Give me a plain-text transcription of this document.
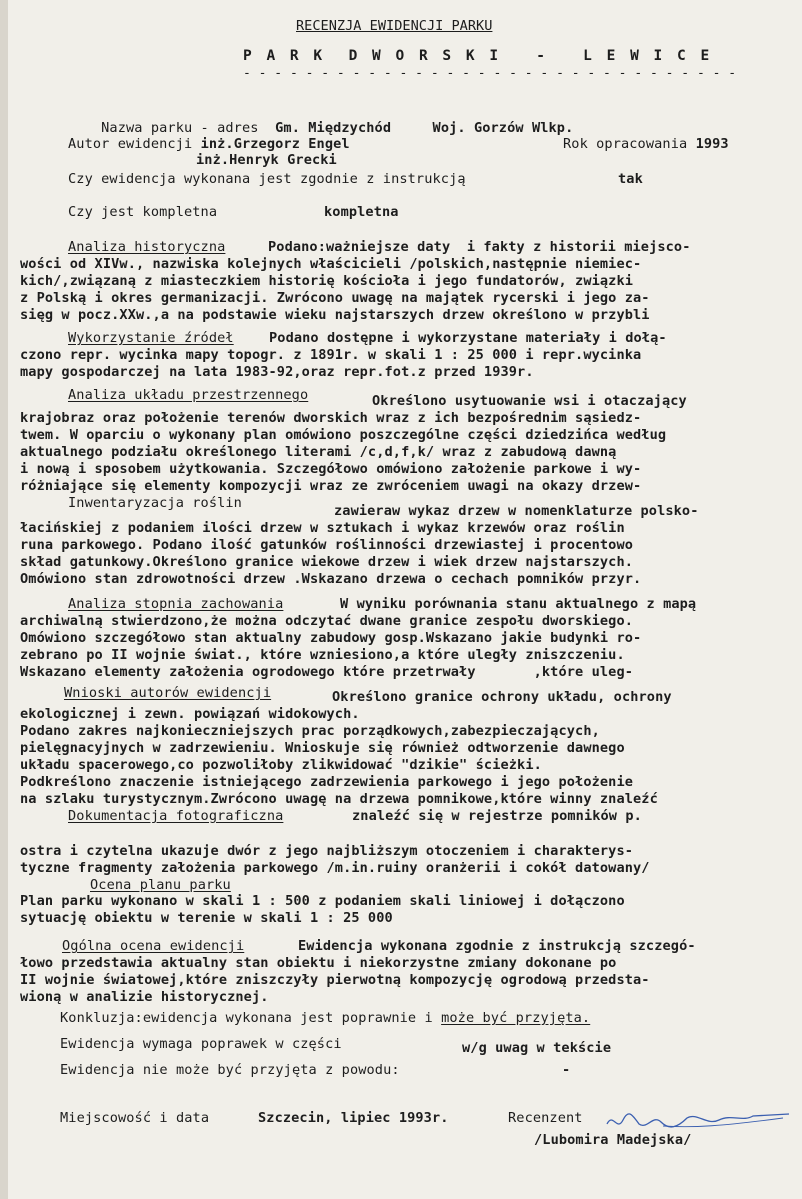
RECENZJA EWIDENCJI PARKU
P A R K  D W O R S K I   -   L E W I C E
- - - - - - - - - - - - - - - - - - - - - - - - - - - - - - - -

Nazwa parku - adres Gm. Międzychód	Woj. Gorzów Wlkp.

Autor ewidencji inż.Grzegorz Engel	Rok opracowania 1993
inż.Henryk Grecki
Czy ewidencja wykonana jest zgodnie z instrukcją	tak
Czy jest kompletna	kompletna
Analiza historyczna	Podano:ważniejsze daty  i fakty z historii miejsco-
wości od XIVw., nazwiska kolejnych właścicieli /polskich,następnie niemiec-
kich/,związaną z miasteczkiem historię kościoła i jego fundatorów, związki
z Polską i okres germanizacji. Zwrócono uwagę na majątek rycerski i jego za-
sięg w pocz.XXw.,a na podstawie wieku najstarszych drzew określono w przybli
Wykorzystanie źródeł	Podano dostępne i wykorzystane materiały i dołą-
czono repr. wycinka mapy topogr. z 1891r. w skali 1 : 25 000 i repr.wycinka
mapy gospodarczej na lata 1983-92,oraz repr.fot.z przed 1939r.
Analiza układu przestrzennego	Określono usytuowanie wsi i otaczający
krajobraz oraz położenie terenów dworskich wraz z ich bezpośrednim sąsiedz-
twem. W oparciu o wykonany plan omówiono poszczególne części dziedzińca według
aktualnego podziału określonego literami /c,d,f,k/ wraz z zabudową dawną
i nową i sposobem użytkowania. Szczegółowo omówiono założenie parkowe i wy-
różniające się elementy kompozycji wraz ze zwróceniem uwagi na okazy drzew-
Inwentaryzacja roślin	zawieraw wykaz drzew w nomenklaturze polsko-
łacińskiej z podaniem ilości drzew w sztukach i wykaz krzewów oraz roślin
runa parkowego. Podano ilość gatunków roślinności drzewiastej i procentowo
skład gatunkowy.Określono granice wiekowe drzew i wiek drzew najstarszych.
Omówiono stan zdrowotności drzew .Wskazano drzewa o cechach pomników przyr.
Analiza stopnia zachowania	W wyniku porównania stanu aktualnego z mapą
archiwalną stwierdzono,że można odczytać dwane granice zespołu dworskiego.
Omówiono szczegółowo stan aktualny zabudowy gosp.Wskazano jakie budynki ro-
zebrano po II wojnie świat., które wzniesiono,a które uległy zniszczeniu.
Wskazano elementy założenia ogrodowego które przetrwały       ,które uleg-
Wnioski autorów ewidencji	Określono granice ochrony układu, ochrony
ekologicznej i zewn. powiązań widokowych.
Podano zakres najkonieczniejszych prac porządkowych,zabezpieczających,
pielęgnacyjnych w zadrzewieniu. Wnioskuje się również odtworzenie dawnego
układu spacerowego,co pozwoliłoby zlikwidować "dzikie" ścieżki.
Podkreślono znaczenie istniejącego zadrzewienia parkowego i jego położenie
na szlaku turystycznym.Zwrócono uwagę na drzewa pomnikowe,które winny znaleźć
znaleźć się w rejestrze pomników p.
Dokumentacja fotograficzna
ostra i czytelna ukazuje dwór z jego najbliższym otoczeniem i charakterys-
tyczne fragmenty założenia parkowego /m.in.ruiny oranżerii i cokół datowany/
Ocena planu parku
Plan parku wykonano w skali 1 : 500 z podaniem skali liniowej i dołączono
sytuację obiektu w terenie w skali 1 : 25 000
Ogólna ocena ewidencji	Ewidencja wykonana zgodnie z instrukcją szczegó-
łowo przedstawia aktualny stan obiektu i niekorzystne zmiany dokonane po
II wojnie światowej,które zniszczyły pierwotną kompozycję ogrodową przedsta-
wioną w analizie historycznej.
Konkluzja:ewidencja wykonana jest poprawnie i może być przyjęta.
Ewidencja wymaga poprawek w części	w/g uwag w tekście
Ewidencja nie może być przyjęta z powodu:	-
Miejscowość i data	Szczecin, lipiec 1993r.	Recenzent
/Lubomira Madejska/
